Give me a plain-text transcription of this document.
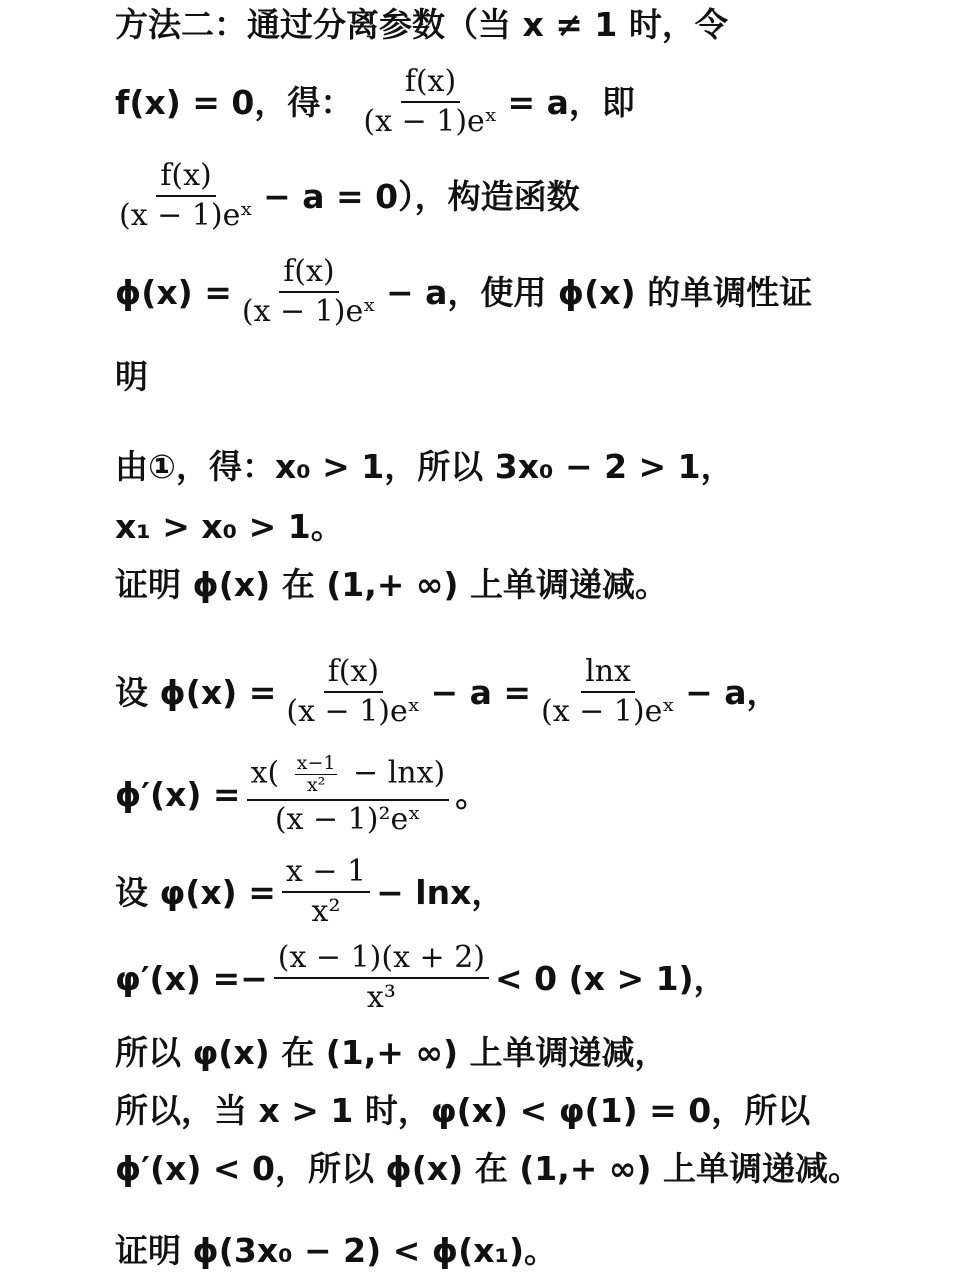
方法二：通过分离参数（当 x ≠ 1 时，令
f(x) = 0，得： $\frac{f(x)}{\text{(x − 1)eˣ}} = a$，即
$\frac{f(x)}{\text{(x − 1)eˣ}} - a = 0$），构造函数
$\phi(x) = \frac{f(x)}{\text{(x − 1)eˣ}} - a$，使用 ϕ(x) 的单调性证
明
由①，得：x₀ > 1，所以 3x₀ − 2 > 1，
x₁ > x₀ > 1。
证明 ϕ(x) 在 (1,+ ∞) 上单调递减。
设 $\phi(x) = \frac{f(x)}{\text{(x − 1)eˣ}} - a = \frac{\ln x}{\text{(x − 1)eˣ}} - a$，
ϕ′(x) =
$x( \frac{x-1}{\text{x²}} - \ln x)$
(x − 1)²eˣ
。
设 $\varphi(x) = \frac{x - 1}{\text{x²}} - \ln x$，
$\varphi'(x) =- \frac{(x - 1)(x + 2)}{\text{x³}} < 0$ (x > 1)，
所以 φ(x) 在 (1,+ ∞) 上单调递减，
所以，当 x > 1 时，φ(x) < φ(1) = 0，所以
ϕ′(x) < 0，所以 ϕ(x) 在 (1,+ ∞) 上单调递减。
证明 ϕ(3x₀ − 2) < ϕ(x₁)。
